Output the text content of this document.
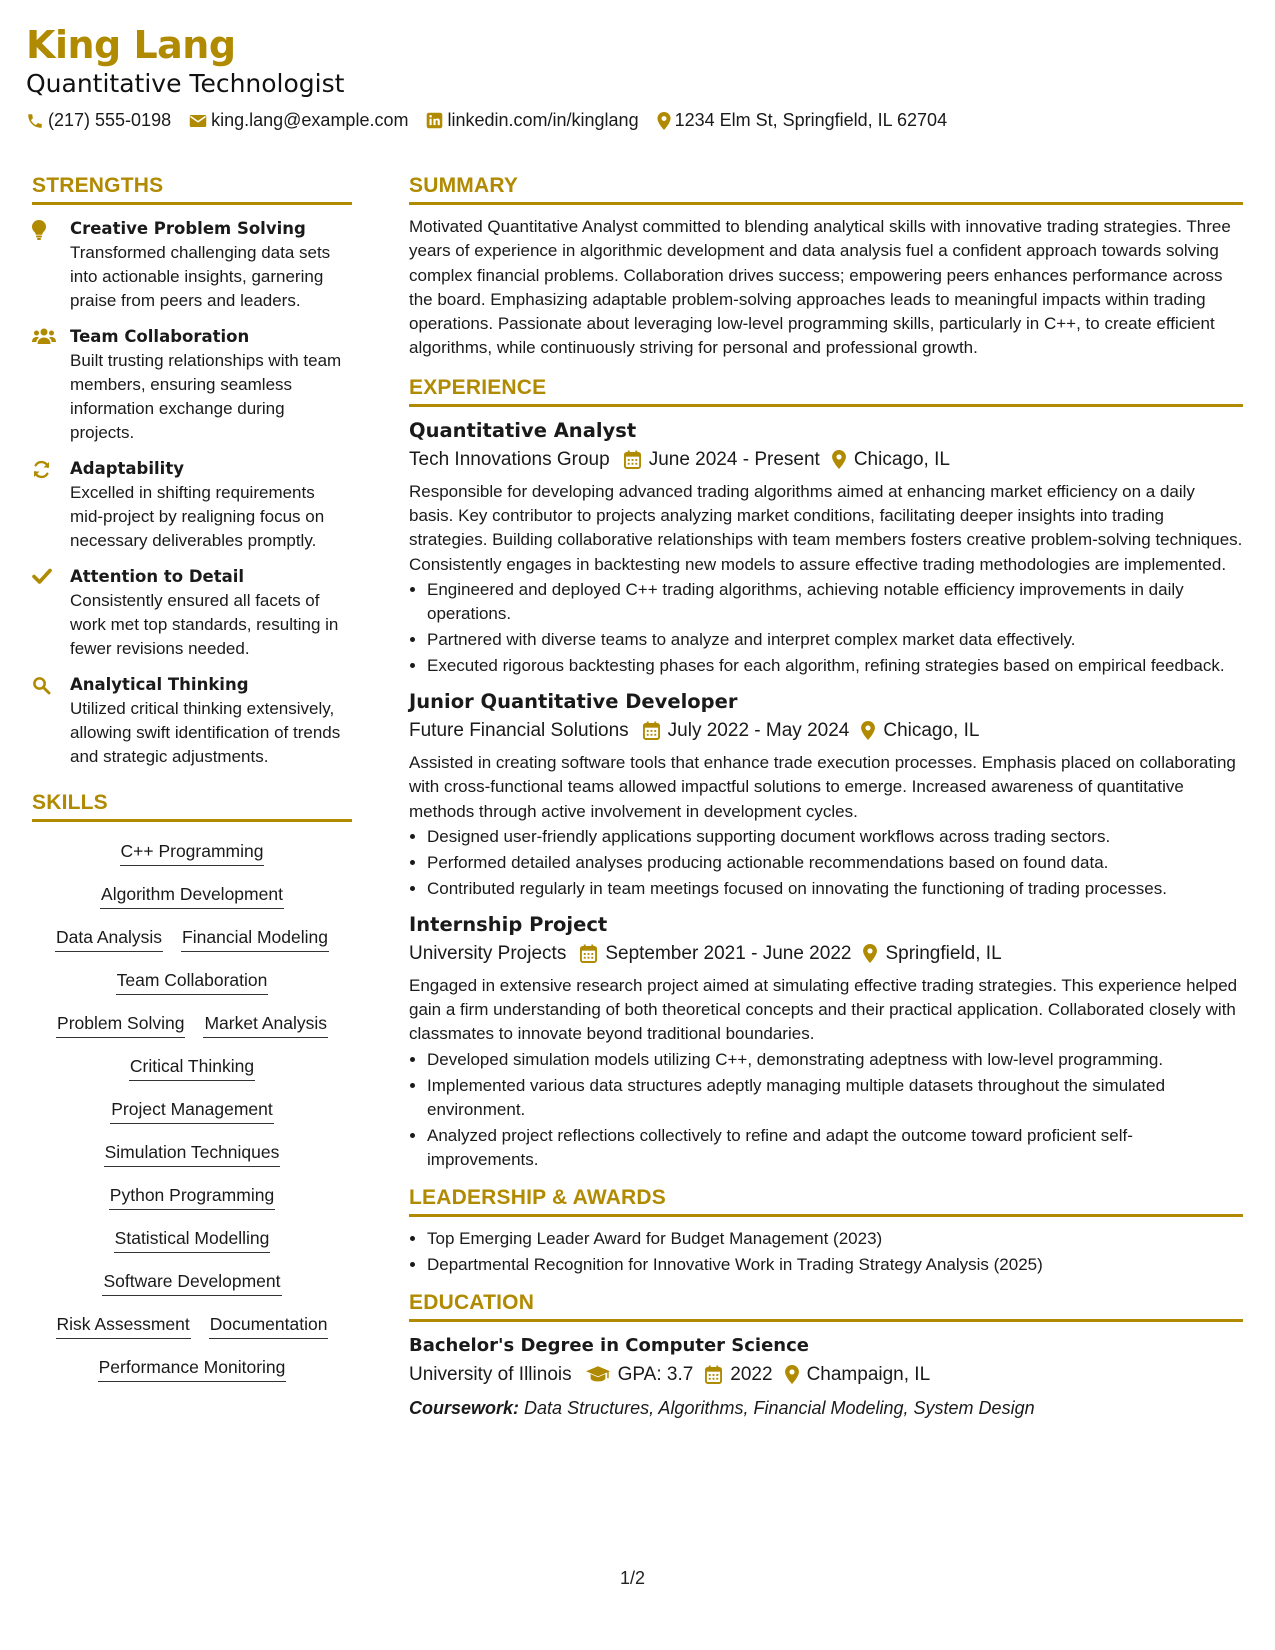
King Lang
Quantitative Technologist
(217) 555-0198 king.lang@example.com linkedin.com/in/kinglang 1234 Elm St, Springfield, IL 62704
STRENGTHS
Creative Problem Solving
Transformed challenging data sets into actionable insights, garnering praise from peers and leaders.
Team Collaboration
Built trusting relationships with team members, ensuring seamless information exchange during projects.
Adaptability
Excelled in shifting requirements mid-project by realigning focus on necessary deliverables promptly.
Attention to Detail
Consistently ensured all facets of work met top standards, resulting in fewer revisions needed.
Analytical Thinking
Utilized critical thinking extensively, allowing swift identification of trends and strategic adjustments.
SKILLS
C++ Programming
Algorithm Development
Data Analysis Financial Modeling
Team Collaboration
Problem Solving Market Analysis
Critical Thinking
Project Management
Simulation Techniques
Python Programming
Statistical Modelling
Software Development
Risk Assessment Documentation
Performance Monitoring
SUMMARY
Motivated Quantitative Analyst committed to blending analytical skills with innovative trading strategies. Three years of experience in algorithmic development and data analysis fuel a confident approach towards solving complex financial problems. Collaboration drives success; empowering peers enhances performance across the board. Emphasizing adaptable problem-solving approaches leads to meaningful impacts within trading operations. Passionate about leveraging low-level programming skills, particularly in C++, to create efficient algorithms, while continuously striving for personal and professional growth.
EXPERIENCE
Quantitative Analyst
Tech Innovations Group June 2024 - Present Chicago, IL
Responsible for developing advanced trading algorithms aimed at enhancing market efficiency on a daily basis. Key contributor to projects analyzing market conditions, facilitating deeper insights into trading strategies. Building collaborative relationships with team members fosters creative problem-solving techniques. Consistently engages in backtesting new models to assure effective trading methodologies are implemented.
• Engineered and deployed C++ trading algorithms, achieving notable efficiency improvements in daily operations.
• Partnered with diverse teams to analyze and interpret complex market data effectively.
• Executed rigorous backtesting phases for each algorithm, refining strategies based on empirical feedback.
Junior Quantitative Developer
Future Financial Solutions July 2022 - May 2024 Chicago, IL
Assisted in creating software tools that enhance trade execution processes. Emphasis placed on collaborating with cross-functional teams allowed impactful solutions to emerge. Increased awareness of quantitative methods through active involvement in development cycles.
• Designed user-friendly applications supporting document workflows across trading sectors.
• Performed detailed analyses producing actionable recommendations based on found data.
• Contributed regularly in team meetings focused on innovating the functioning of trading processes.
Internship Project
University Projects September 2021 - June 2022 Springfield, IL
Engaged in extensive research project aimed at simulating effective trading strategies. This experience helped gain a firm understanding of both theoretical concepts and their practical application. Collaborated closely with classmates to innovate beyond traditional boundaries.
• Developed simulation models utilizing C++, demonstrating adeptness with low-level programming.
• Implemented various data structures adeptly managing multiple datasets throughout the simulated environment.
• Analyzed project reflections collectively to refine and adapt the outcome toward proficient self-improvements.
LEADERSHIP & AWARDS
• Top Emerging Leader Award for Budget Management (2023)
• Departmental Recognition for Innovative Work in Trading Strategy Analysis (2025)
EDUCATION
Bachelor's Degree in Computer Science
University of Illinois GPA: 3.7 2022 Champaign, IL
Coursework: Data Structures, Algorithms, Financial Modeling, System Design
1/2
